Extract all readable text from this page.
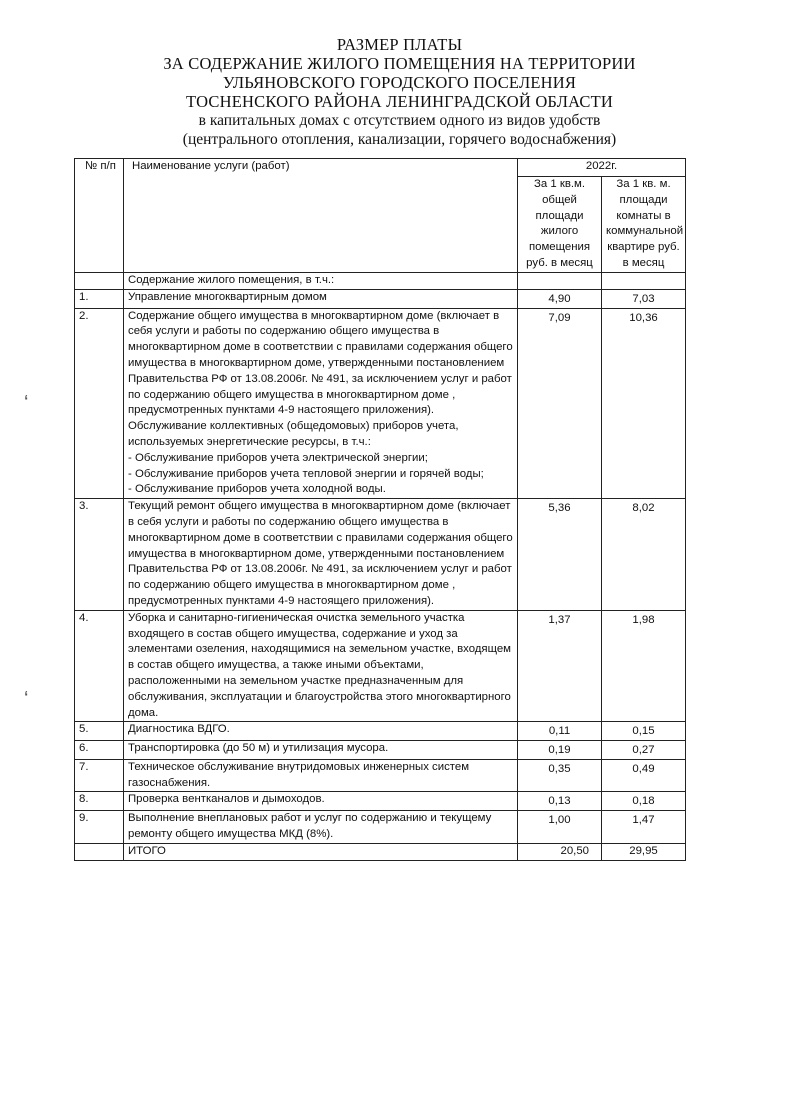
РАЗМЕР ПЛАТЫ
ЗА СОДЕРЖАНИЕ ЖИЛОГО ПОМЕЩЕНИЯ НА ТЕРРИТОРИИ
УЛЬЯНОВСКОГО ГОРОДСКОГО ПОСЕЛЕНИЯ
ТОСНЕНСКОГО РАЙОНА ЛЕНИНГРАДСКОЙ ОБЛАСТИ
в капитальных домах с отсутствием одного из видов удобств
(центрального отопления, канализации, горячего водоснабжения)
№ п/п	Наименование услуги (работ)	2022г.	
		За 1 кв.м. общей площади жилого помещения руб. в месяц	За 1 кв. м. площади комнаты в коммунальной квартире руб. в месяц
	Содержание жилого помещения, в т.ч.:		
1.	Управление многоквартирным домом	4,90	7,03
2.	Содержание общего имущества в многоквартирном доме (включает в себя услуги и работы по содержанию общего имущества в многоквартирном доме в соответствии с правилами содержания общего имущества в многоквартирном доме, утвержденными постановлением Правительства РФ от 13.08.2006г. № 491, за исключением услуг и работ по содержанию общего имущества в многоквартирном доме , предусмотренных пунктами 4-9 настоящего приложения).
Обслуживание коллективных (общедомовых) приборов учета, используемых энергетические ресурсы, в т.ч.:
- Обслуживание приборов учета электрической энергии;
- Обслуживание приборов учета тепловой энергии и горячей воды;
- Обслуживание приборов учета холодной воды.	7,09	10,36
3.	Текущий ремонт общего имущества в многоквартирном доме (включает в себя услуги и работы по содержанию общего имущества в многоквартирном доме в соответствии с правилами содержания общего имущества в многоквартирном доме, утвержденными постановлением Правительства РФ от 13.08.2006г. № 491, за исключением услуг и работ по содержанию общего имущества в многоквартирном доме , предусмотренных пунктами 4-9 настоящего приложения).	5,36	8,02
4.	Уборка и санитарно-гигиеническая очистка земельного участка входящего в состав общего имущества, содержание и уход за элементами озеления, находящимися на земельном участке, входящем в состав общего имущества, а также иными объектами, расположенными на земельном участке предназначенным для обслуживания, эксплуатации и благоустройства этого многоквартирного дома.	1,37	1,98
5.	Диагностика ВДГО.	0,11	0,15
6.	Транспортировка (до 50 м) и утилизация мусора.	0,19	0,27
7.	Техническое обслуживание внутридомовых инженерных систем газоснабжения.	0,35	0,49
8.	Проверка вентканалов и дымоходов.	0,13	0,18
9.	Выполнение внеплановых работ и услуг по содержанию и текущему ремонту общего имущества МКД (8%).	1,00	1,47
	ИТОГО	20,50	29,95
‘
‘
